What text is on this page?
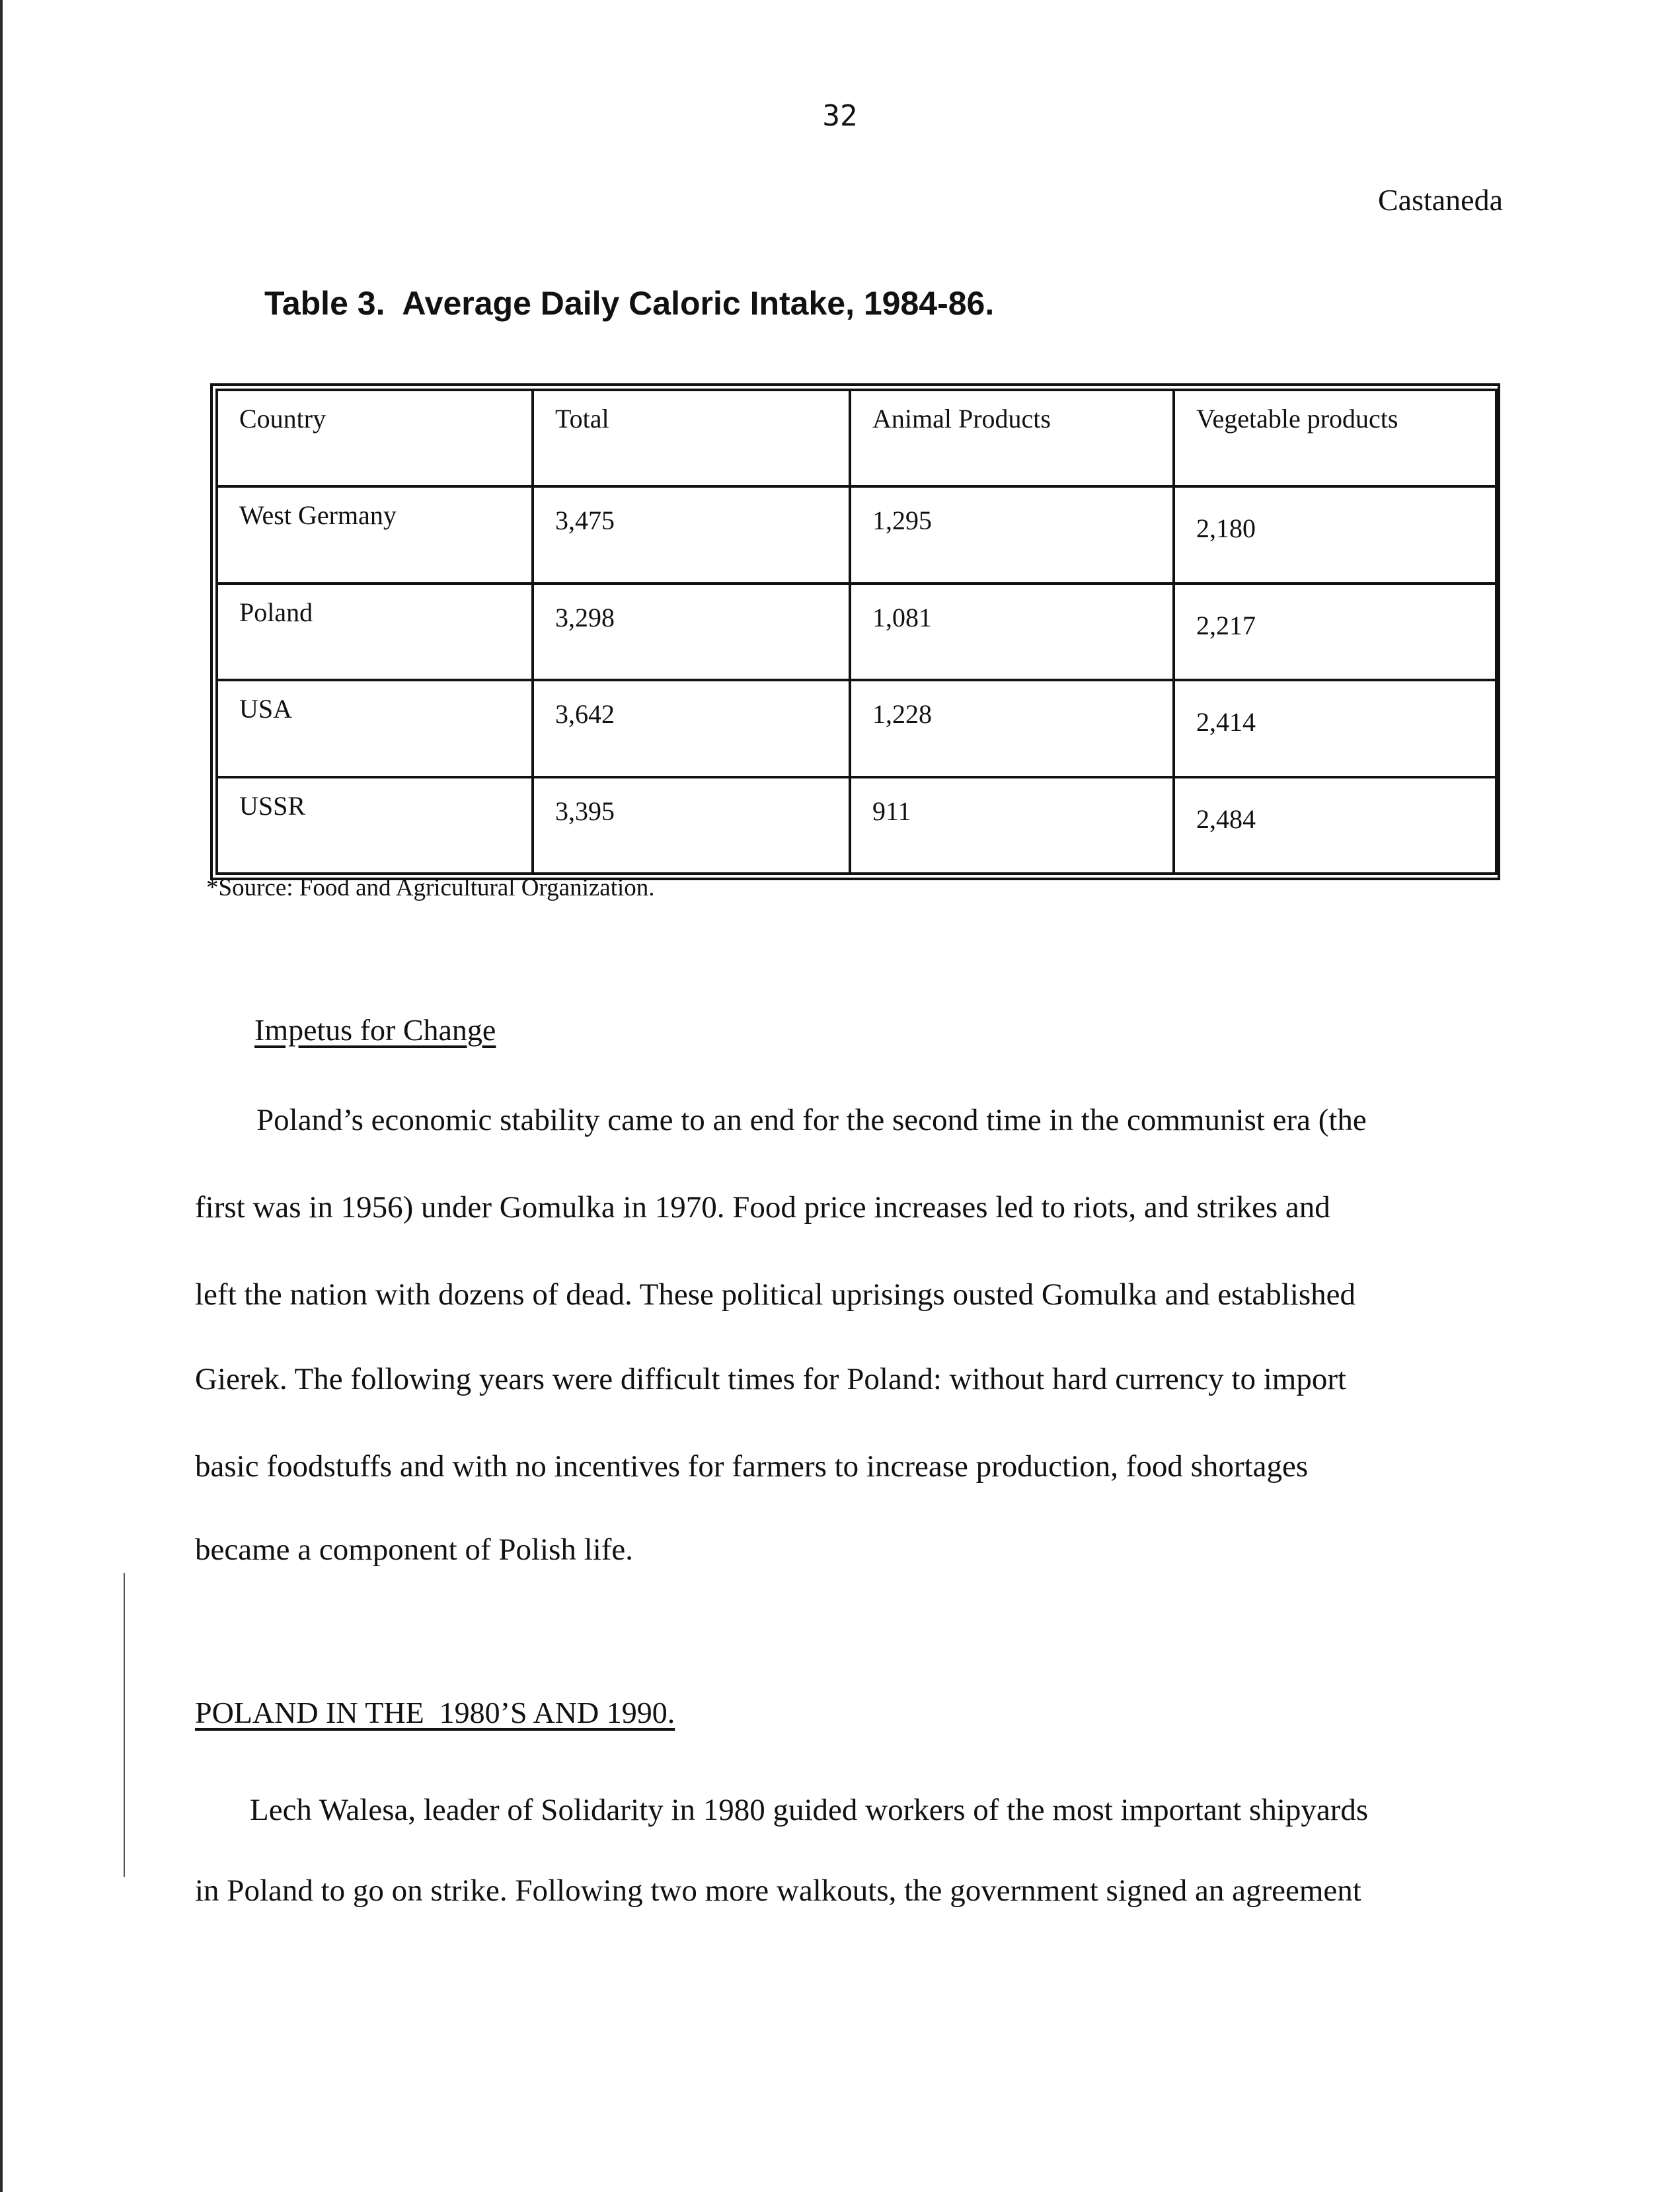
32
Castaneda
Table 3.  Average Daily Caloric Intake, 1984-86.
Country	Total	Animal Products	Vegetable products
West Germany	3,475	1,295	2,180
Poland	3,298	1,081	2,217
USA	3,642	1,228	2,414
USSR	3,395	911	2,484
*Source: Food and Agricultural Organization.
Impetus for Change
Poland’s economic stability came to an end for the second time in the communist era (the
first was in 1956) under Gomulka in 1970. Food price increases led to riots, and strikes and
left the nation with dozens of dead. These political uprisings ousted Gomulka and established
Gierek. The following years were difficult times for Poland: without hard currency to import
basic foodstuffs and with no incentives for farmers to increase production, food shortages
became a component of Polish life.
POLAND IN THE  1980’S AND 1990.
Lech Walesa, leader of Solidarity in 1980 guided workers of the most important shipyards
in Poland to go on strike. Following two more walkouts, the government signed an agreement
